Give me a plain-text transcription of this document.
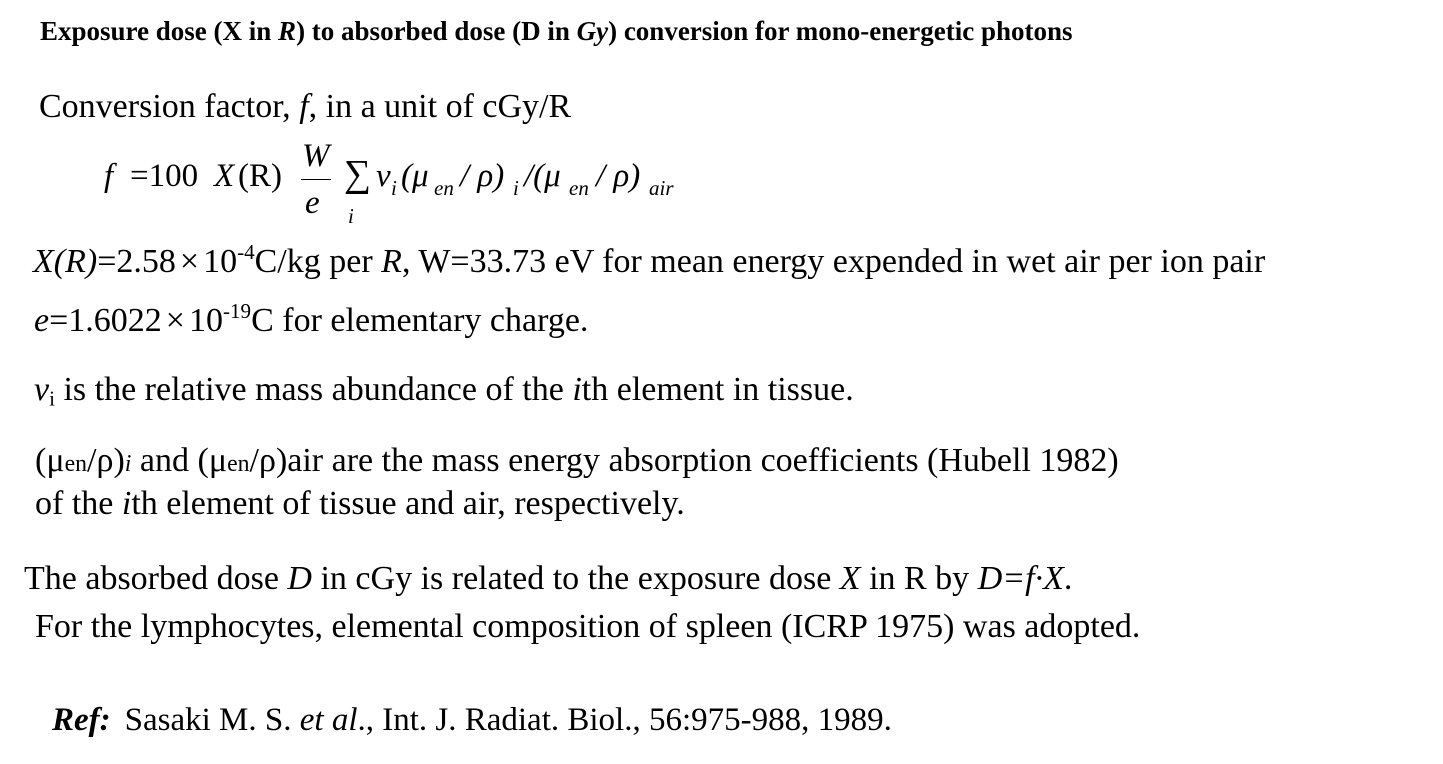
Exposure dose (X in R) to absorbed dose (D in Gy) conversion for mono-energetic photons
Conversion factor, f, in a unit of cGy/R
f =100 X (R)
W
e
∑
i
v i (μ en / ρ) i /(μ en / ρ) air
$X(R)=2.58 \times 10^{-4}C/kg$ per R, W=33.73 eV for mean energy expended in wet air per ion pair
$e=1.6022 \times 10^{-19}C$ for elementary charge.
$v_i$ is the relative mass abundance of the ith element in tissue.
(μen/ρ)i and (μen/ρ)air are the mass energy absorption coefficients (Hubell 1982)
of the ith element of tissue and air, respectively.
The absorbed dose D in cGy is related to the exposure dose X in R by D=f·X.
For the lymphocytes, elemental composition of spleen (ICRP 1975) was adopted.
Ref: Sasaki M. S. et al., Int. J. Radiat. Biol., 56:975-988, 1989.
